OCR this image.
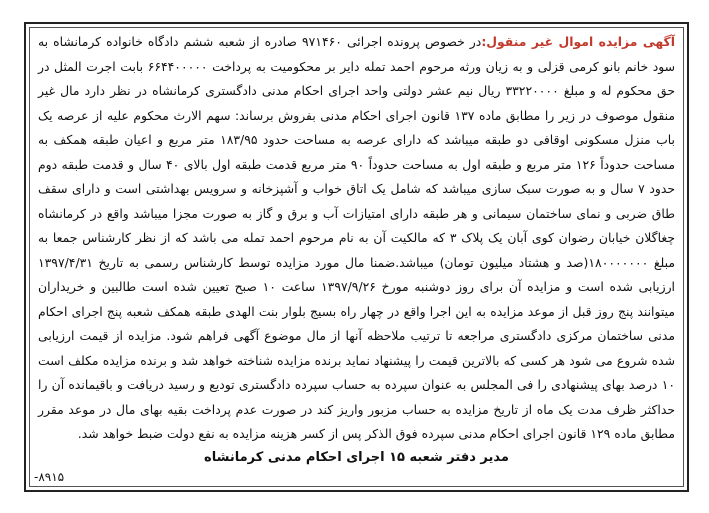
آگهی مزایده اموال غیر منقول:در خصوص پرونده اجرائی ۹۷۱۴۶۰ صادره از شعبه ششم دادگاه خانواده کرمانشاه به سود خانم بانو کرمی قزلی و به زیان ورثه مرحوم احمد تمله دایر بر محکومیت به پرداخت ۶۶۴۴۰۰۰۰۰ بابت اجرت المثل در حق محکوم له و مبلغ ۳۳۲۲۰۰۰۰ ریال نیم عشر دولتی واحد اجرای احکام مدنی دادگستری کرمانشاه در نظر دارد مال غیر منقول موصوف در زیر را مطابق ماده ۱۳۷ قانون اجرای احکام مدنی بفروش برساند: سهم الارث محکوم علیه از عرصه یک باب منزل مسکونی اوقافی دو طبقه میباشد که دارای عرصه به مساحت حدود ۱۸۳/۹۵ متر مربع و اعیان طبقه همکف به مساحت حدوداً ۱۲۶ متر مربع و طبقه اول به مساحت حدوداً ۹۰ متر مربع قدمت طبقه اول بالای ۴۰ سال و قدمت طبقه دوم حدود ۷ سال و به صورت سبک سازی میباشد که شامل یک اتاق خواب و آشپزخانه و سرویس بهداشتی است و دارای سقف طاق ضربی و نمای ساختمان سیمانی و هر طبقه دارای امتیازات آب و برق و گاز به صورت مجزا میباشد واقع در کرمانشاه چغاگلان خیابان رضوان کوی آبان یک پلاک ۳ که مالکیت آن به نام مرحوم احمد تمله می باشد که از نظر کارشناس جمعا به مبلغ ۱۸۰۰۰۰۰۰۰(صد و هشتاد میلیون تومان) میباشد.ضمنا مال مورد مزایده توسط کارشناس رسمی به تاریخ ۱۳۹۷/۴/۳۱ ارزیابی شده است و مزایده آن برای روز دوشنبه مورخ ۱۳۹۷/۹/۲۶ ساعت ۱۰ صبح تعیین شده است طالبین و خریداران میتوانند پنج روز قبل از موعد مزایده به این اجرا واقع در چهار راه بسیج بلوار بنت الهدی طبقه همکف شعبه پنج اجرای احکام مدنی ساختمان مرکزی دادگستری مراجعه تا ترتیب ملاحظه آنها از مال موضوع آگهی فراهم شود. مزایده از قیمت ارزیابی شده شروع می شود هر کسی که بالاترین قیمت را پیشنهاد نماید برنده مزایده شناخته خواهد شد و برنده مزایده مکلف است ۱۰ درصد بهای پیشنهادی را فی المجلس به عنوان سپرده به حساب سپرده دادگستری تودیع و رسید دریافت و باقیمانده آن را حداکثر ظرف مدت یک ماه از تاریخ مزایده به حساب مزبور واریز کند در صورت عدم پرداخت بقیه بهای مال در موعد مقرر مطابق ماده ۱۲۹ قانون اجرای احکام مدنی سپرده فوق الذکر پس از کسر هزینه مزایده به نفع دولت ضبط خواهد شد.
مدیر دفتر شعبه ۱۵ اجرای احکام مدنی کرمانشاه
۸۹۱۵-
